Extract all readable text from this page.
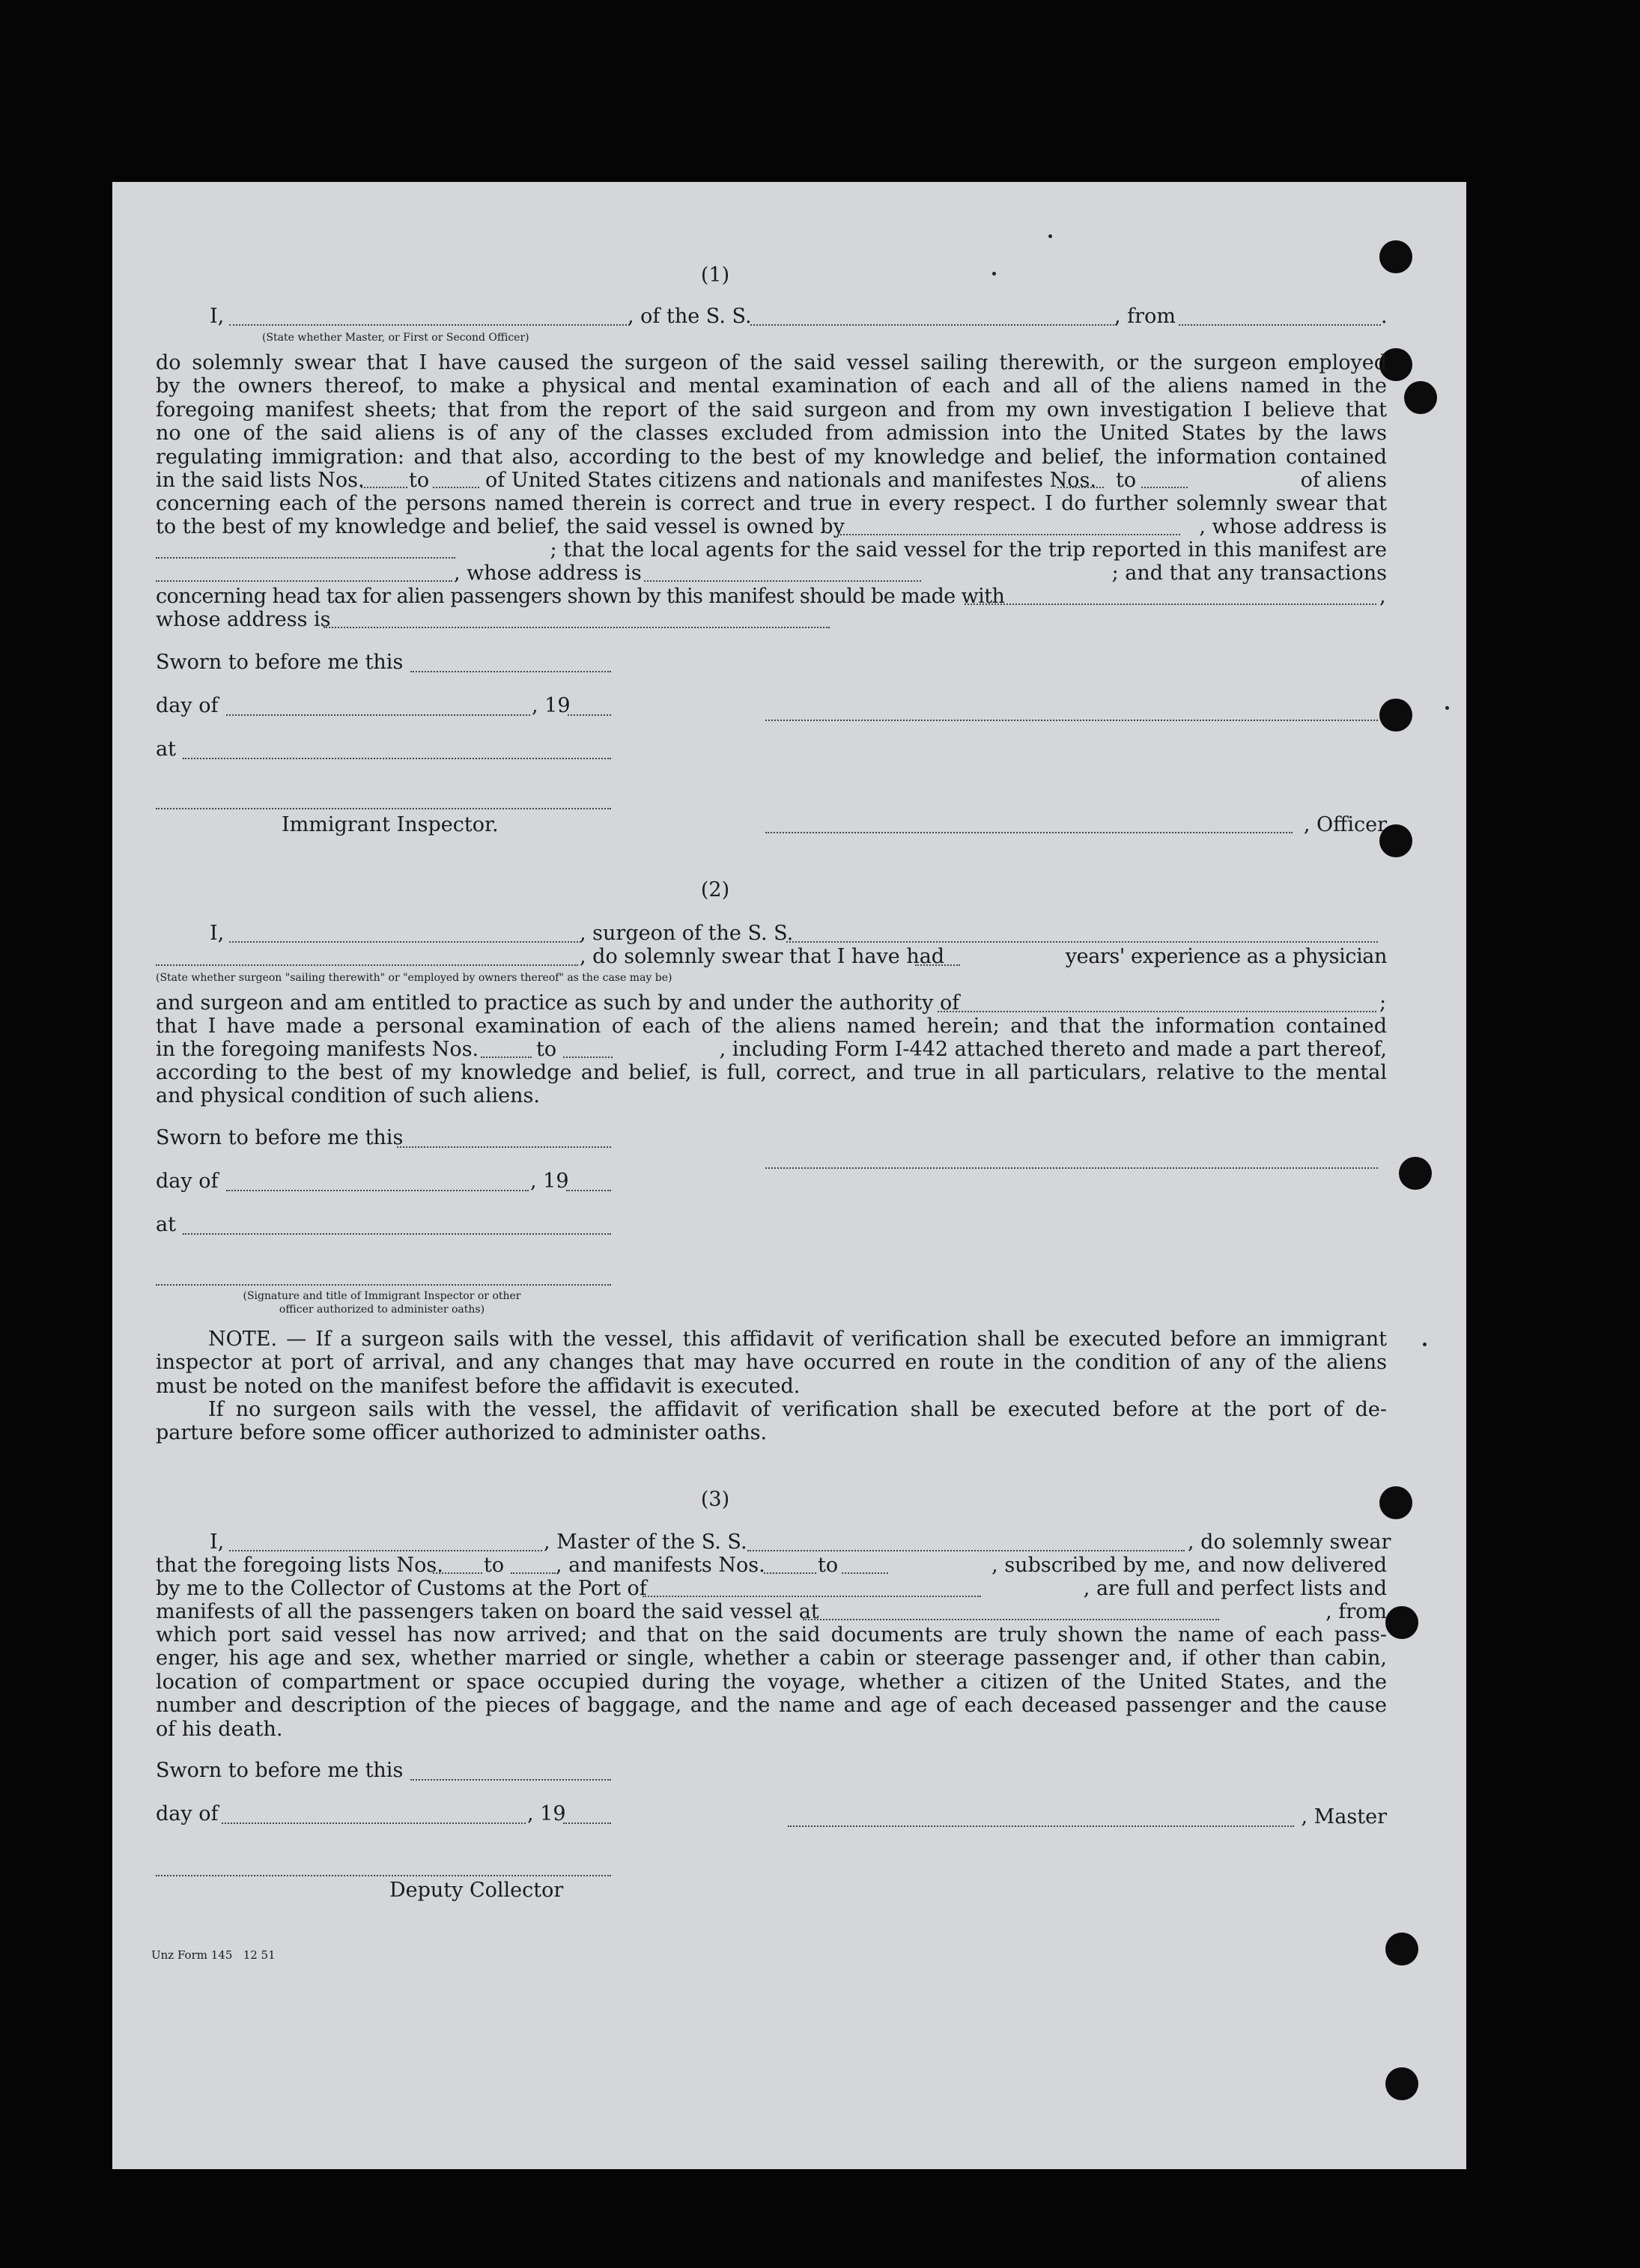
(1)
I,	, of the S. S.	, from	.
(State whether Master, or First or Second Officer)
do solemnly swear that I have caused the surgeon of the said vessel sailing therewith, or the surgeon employed
by the owners thereof, to make a physical and mental examination of each and all of the aliens named in the
foregoing manifest sheets; that from the report of the said surgeon and from my own investigation I believe that
no one of the said aliens is of any of the classes excluded from admission into the United States by the laws
regulating immigration: and that also, according to the best of my knowledge and belief, the information contained
in the said lists Nos. to	of United States citizens and nationals and manifestes Nos. to	of aliens
concerning each of the persons named therein is correct and true in every respect. I do further solemnly swear that
to the best of my knowledge and belief, the said vessel is owned by	, whose address is
; that the local agents for the said vessel for the trip reported in this manifest are
, whose address is	; and that any transactions
concerning head tax for alien passengers shown by this manifest should be made with	,
whose address is
Sworn to before me this
day of	, 19
at
Immigrant Inspector.	, Officer
(2)
I,	, surgeon of the S. S.
, do solemnly swear that I have had	years' experience as a physician
(State whether surgeon "sailing therewith" or "employed by owners thereof" as the case may be)
and surgeon and am entitled to practice as such by and under the authority of	;
that I have made a personal examination of each of the aliens named herein; and that the information contained
in the foregoing manifests Nos.	to	, including Form I-442 attached thereto and made a part thereof,
according to the best of my knowledge and belief, is full, correct, and true in all particulars, relative to the mental
and physical condition of such aliens.
Sworn to before me this
day of	, 19
at
(Signature and title of Immigrant Inspector or other
officer authorized to administer oaths)
NOTE. — If a surgeon sails with the vessel, this affidavit of verification shall be executed before an immigrant
inspector at port of arrival, and any changes that may have occurred en route in the condition of any of the aliens
must be noted on the manifest before the affidavit is executed.
If no surgeon sails with the vessel, the affidavit of verification shall be executed before at the port of de-
parture before some officer authorized to administer oaths.
(3)
I,	, Master of the S. S.	, do solemnly swear
that the foregoing lists Nos. to	, and manifests Nos.	to	, subscribed by me, and now delivered
by me to the Collector of Customs at the Port of	, are full and perfect lists and
manifests of all the passengers taken on board the said vessel at	, from
which port said vessel has now arrived; and that on the said documents are truly shown the name of each pass-
enger, his age and sex, whether married or single, whether a cabin or steerage passenger and, if other than cabin,
location of compartment or space occupied during the voyage, whether a citizen of the United States, and the
number and description of the pieces of baggage, and the name and age of each deceased passenger and the cause
of his death.
Sworn to before me this
day of	, 19	, Master
Deputy Collector
Unz Form 145   12 51
